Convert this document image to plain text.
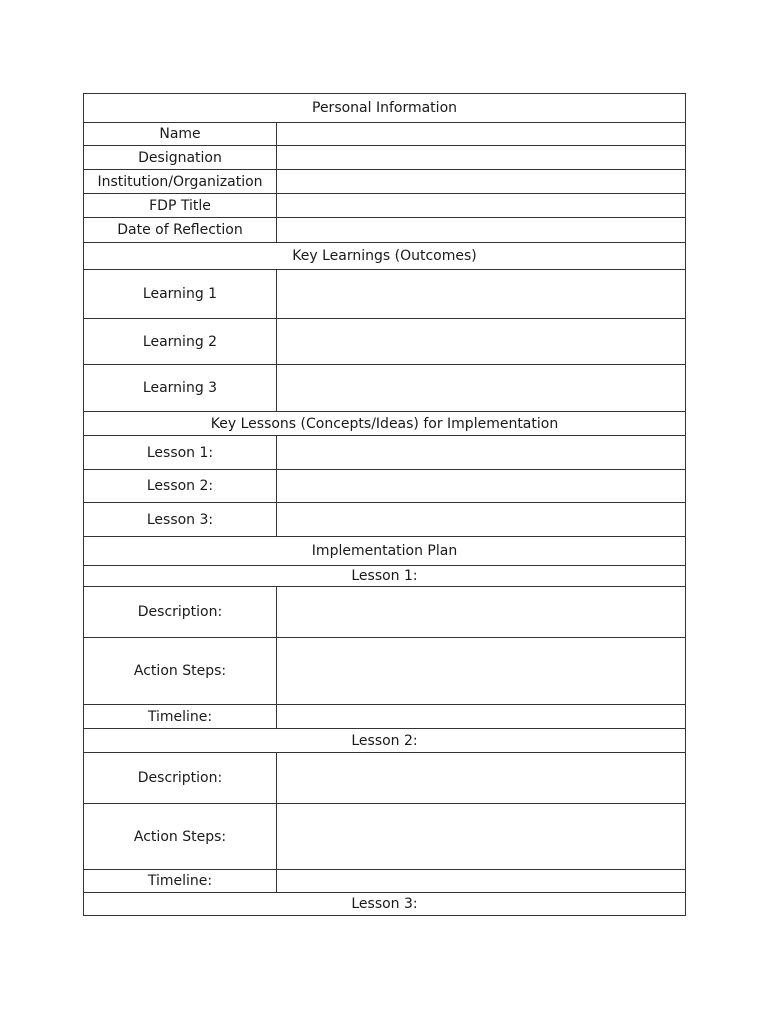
Personal Information	
Name	
Designation	
Institution/Organization	
FDP Title	
Date of Reflection	
Key Learnings (Outcomes)	
Learning 1	
Learning 2	
Learning 3	
Key Lessons (Concepts/Ideas) for Implementation	
Lesson 1:	
Lesson 2:	
Lesson 3:	
Implementation Plan	
Lesson 1:	
Description:	
Action Steps:	
Timeline:	
Lesson 2:	
Description:	
Action Steps:	
Timeline:	
Lesson 3:	
